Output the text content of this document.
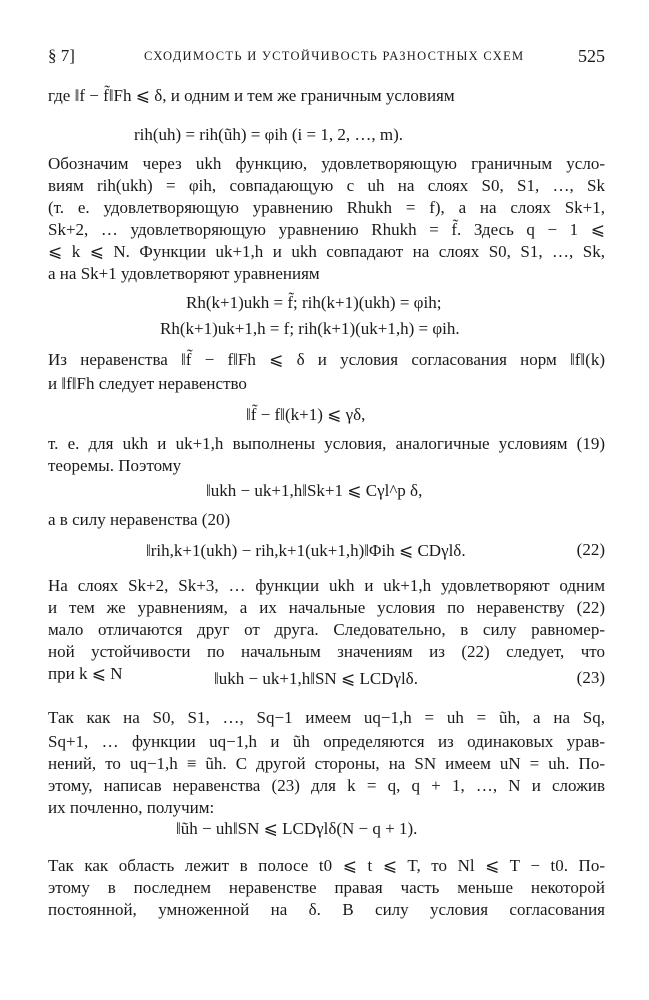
§ 7]	СХОДИМОСТЬ И УСТОЙЧИВОСТЬ РАЗНОСТНЫХ СХЕМ	525
где ‖f − f̃‖Fh ⩽ δ, и одним и тем же граничным условиям
rih(uh) = rih(ũh) = φih (i = 1, 2, …, m).
Обозначим через ukh функцию, удовлетворяющую граничным усло-
виям rih(ukh) = φih, совпадающую с uh на слоях S0, S1, …, Sk
(т. е. удовлетворяющую уравнению Rhukh = f), а на слоях Sk+1,
Sk+2, … удовлетворяющую уравнению Rhukh = f̃. Здесь q − 1 ⩽
⩽ k ⩽ N. Функции uk+1,h и ukh совпадают на слоях S0, S1, …, Sk,
а на Sk+1 удовлетворяют уравнениям
Rh(k+1)ukh = f̃; rih(k+1)(ukh) = φih;
Rh(k+1)uk+1,h = f; rih(k+1)(uk+1,h) = φih.
Из неравенства ‖f̃ − f‖Fh ⩽ δ и условия согласования норм ‖f‖(k)
и ‖f‖Fh следует неравенство
‖f̃ − f‖(k+1) ⩽ γδ,
т. е. для ukh и uk+1,h выполнены условия, аналогичные условиям (19)
теоремы. Поэтому
‖ukh − uk+1,h‖Sk+1 ⩽ Cγl^p δ,
а в силу неравенства (20)
‖rih,k+1(ukh) − rih,k+1(uk+1,h)‖Φih ⩽ CDγlδ.	(22)
На слоях Sk+2, Sk+3, … функции ukh и uk+1,h удовлетворяют одним
и тем же уравнениям, а их начальные условия по неравенству (22)
мало отличаются друг от друга. Следовательно, в силу равномер-
ной устойчивости по начальным значениям из (22) следует, что
при k ⩽ N	‖ukh − uk+1,h‖SN ⩽ LCDγlδ.	(23)
Так как на S0, S1, …, Sq−1 имеем uq−1,h = uh = ũh, а на Sq,
Sq+1, … функции uq−1,h и ũh определяются из одинаковых урав-
нений, то uq−1,h ≡ ũh. С другой стороны, на SN имеем uN = uh. По-
этому, написав неравенства (23) для k = q, q + 1, …, N и сложив
их почленно, получим:
‖ũh − uh‖SN ⩽ LCDγlδ(N − q + 1).
Так как область лежит в полосе t0 ⩽ t ⩽ T, то Nl ⩽ T − t0. По-
этому в последнем неравенстве правая часть меньше некоторой
постоянной, умноженной на δ. В силу условия согласования
